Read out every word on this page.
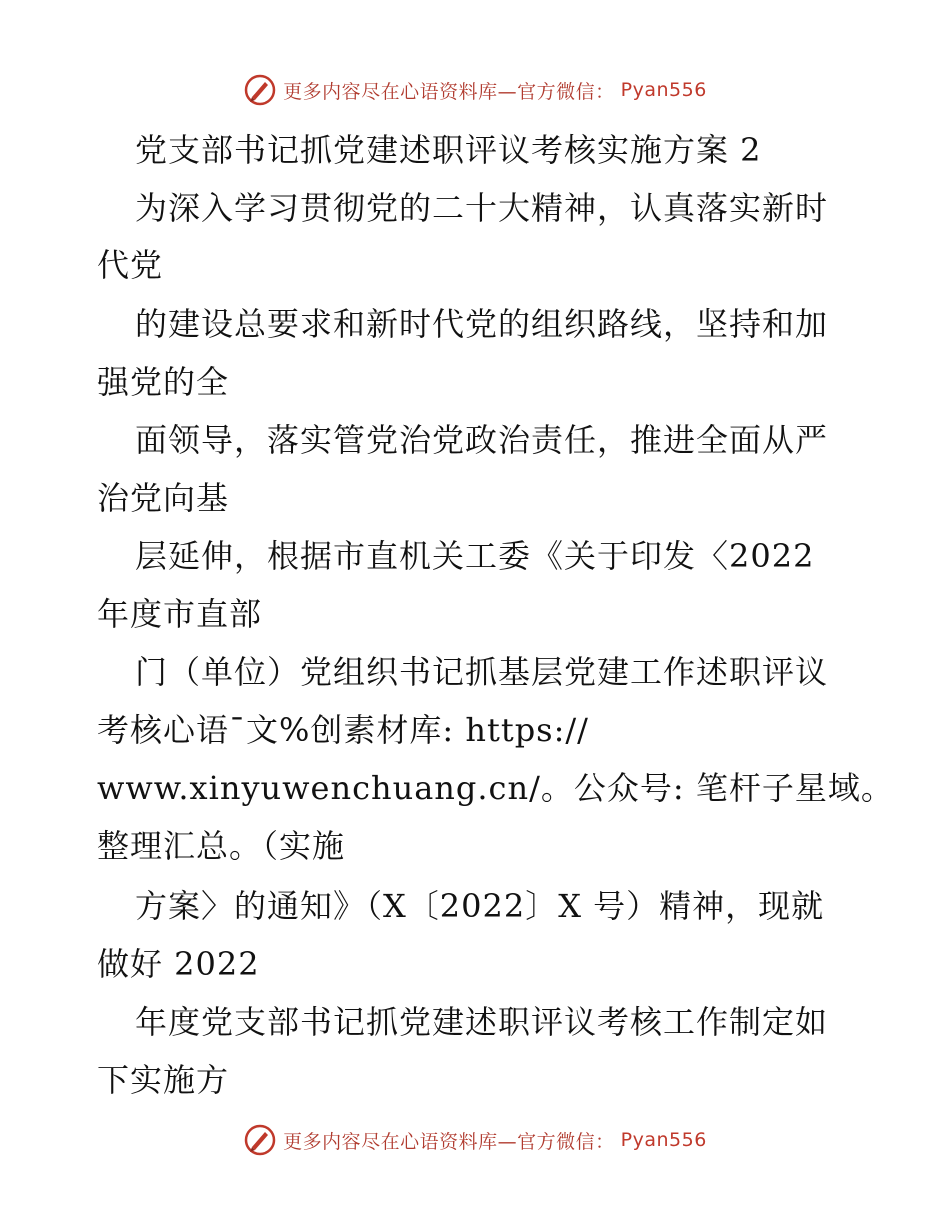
更多内容尽在心语资料库—官方微信： Pyan556
党支部书记抓党建述职评议考核实施方案 2
为深入学习贯彻党的二十大精神，认真落实新时
代党
的建设总要求和新时代党的组织路线，坚持和加
强党的全
面领导，落实管党治党政治责任，推进全面从严
治党向基
层延伸，根据市直机关工委《关于印发〈2022
年度市直部
门（单位）党组织书记抓基层党建工作述职评议
考核心语¯文%创素材库: https://
www.xinyuwenchuang.cn/。公众号: 笔杆子星域。
整理汇总。（实施
方案〉的通知》（X〔2022〕X 号）精神，现就
做好 2022
年度党支部书记抓党建述职评议考核工作制定如
下实施方
更多内容尽在心语资料库—官方微信： Pyan556
